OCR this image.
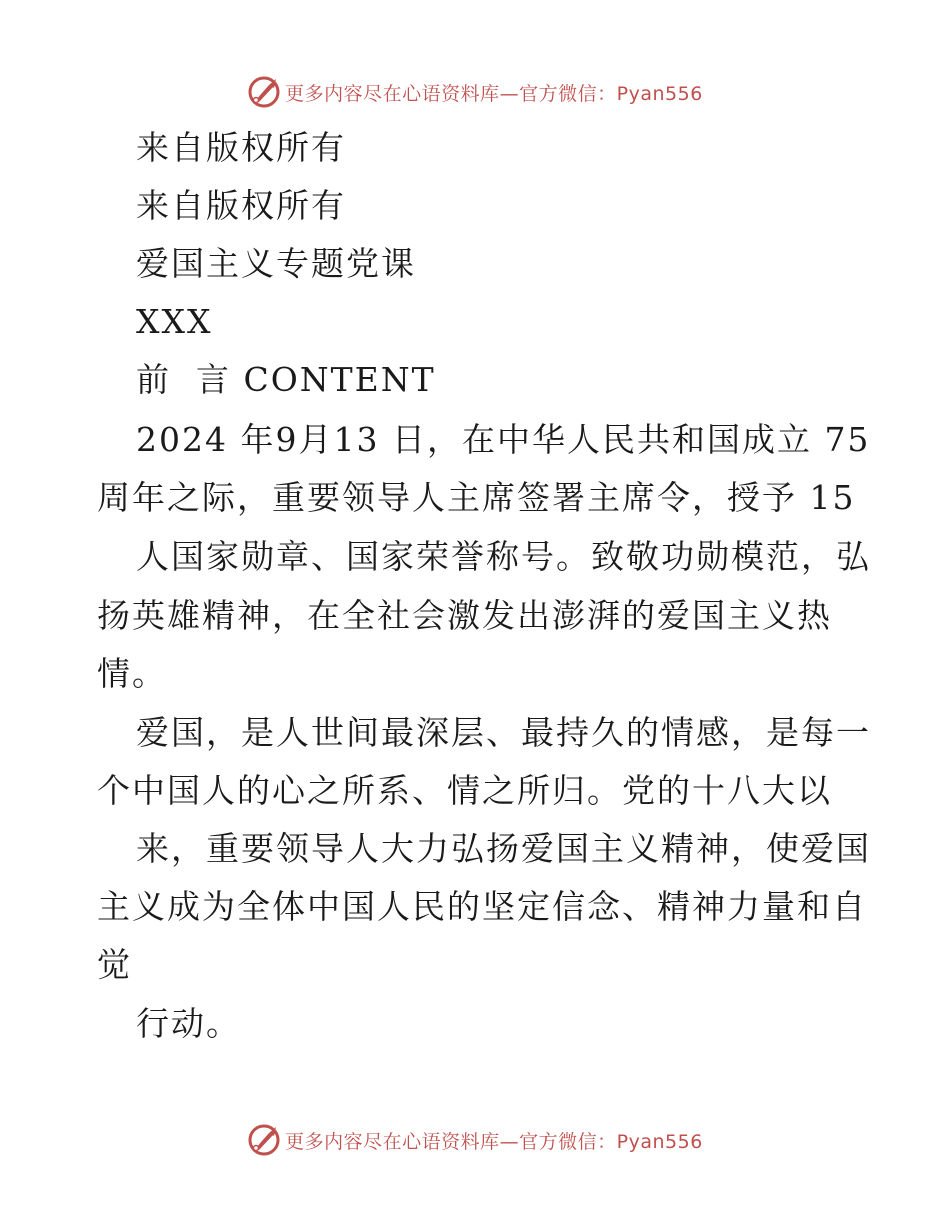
更多内容尽在心语资料库—官方微信：Pyan556
来自版权所有
来自版权所有
爱国主义专题党课
XXX
前  言 CONTENT
2024 年9月13 日，在中华人民共和国成立 75
周年之际，重要领导人主席签署主席令，授予 15
人国家勋章、国家荣誉称号。致敬功勋模范，弘
扬英雄精神，在全社会激发出澎湃的爱国主义热
情。
爱国，是人世间最深层、最持久的情感，是每一
个中国人的心之所系、情之所归。党的十八大以
来，重要领导人大力弘扬爱国主义精神，使爱国
主义成为全体中国人民的坚定信念、精神力量和自
觉
行动。
更多内容尽在心语资料库—官方微信：Pyan556
